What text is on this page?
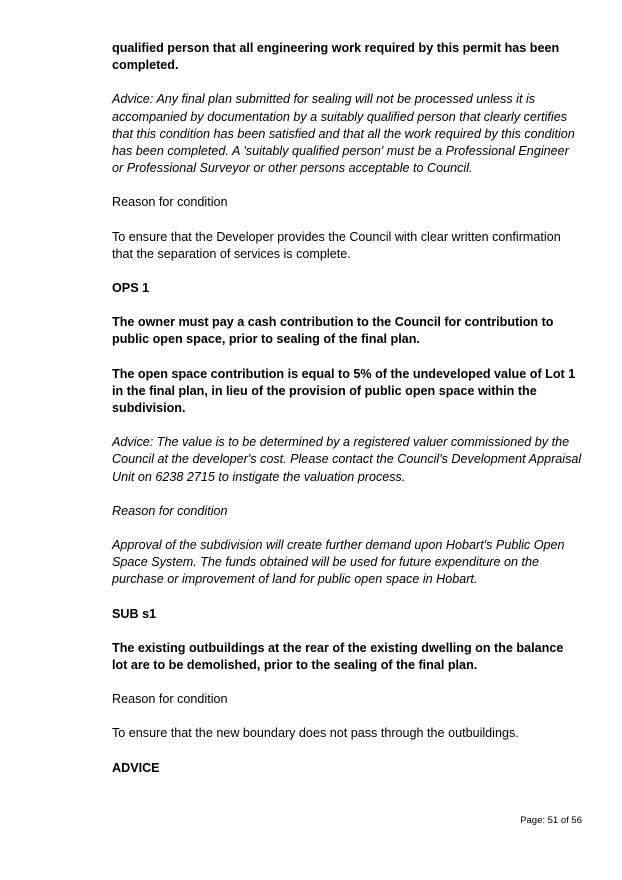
qualified person that all engineering work required by this permit has been completed.

Advice: Any final plan submitted for sealing will not be processed unless it is accompanied by documentation by a suitably qualified person that clearly certifies that this condition has been satisfied and that all the work required by this condition has been completed. A 'suitably qualified person' must be a Professional Engineer or Professional Surveyor or other persons acceptable to Council.

Reason for condition

To ensure that the Developer provides the Council with clear written confirmation that the separation of services is complete.

OPS 1

The owner must pay a cash contribution to the Council for contribution to public open space, prior to sealing of the final plan.

The open space contribution is equal to 5% of the undeveloped value of Lot 1 in the final plan, in lieu of the provision of public open space within the subdivision.

Advice: The value is to be determined by a registered valuer commissioned by the Council at the developer's cost. Please contact the Council's Development Appraisal Unit on 6238 2715 to instigate the valuation process.

Reason for condition

Approval of the subdivision will create further demand upon Hobart's Public Open Space System. The funds obtained will be used for future expenditure on the purchase or improvement of land for public open space in Hobart.

SUB s1

The existing outbuildings at the rear of the existing dwelling on the balance lot are to be demolished, prior to the sealing of the final plan.

Reason for condition

To ensure that the new boundary does not pass through the outbuildings.

ADVICE

Page: 51 of 56
